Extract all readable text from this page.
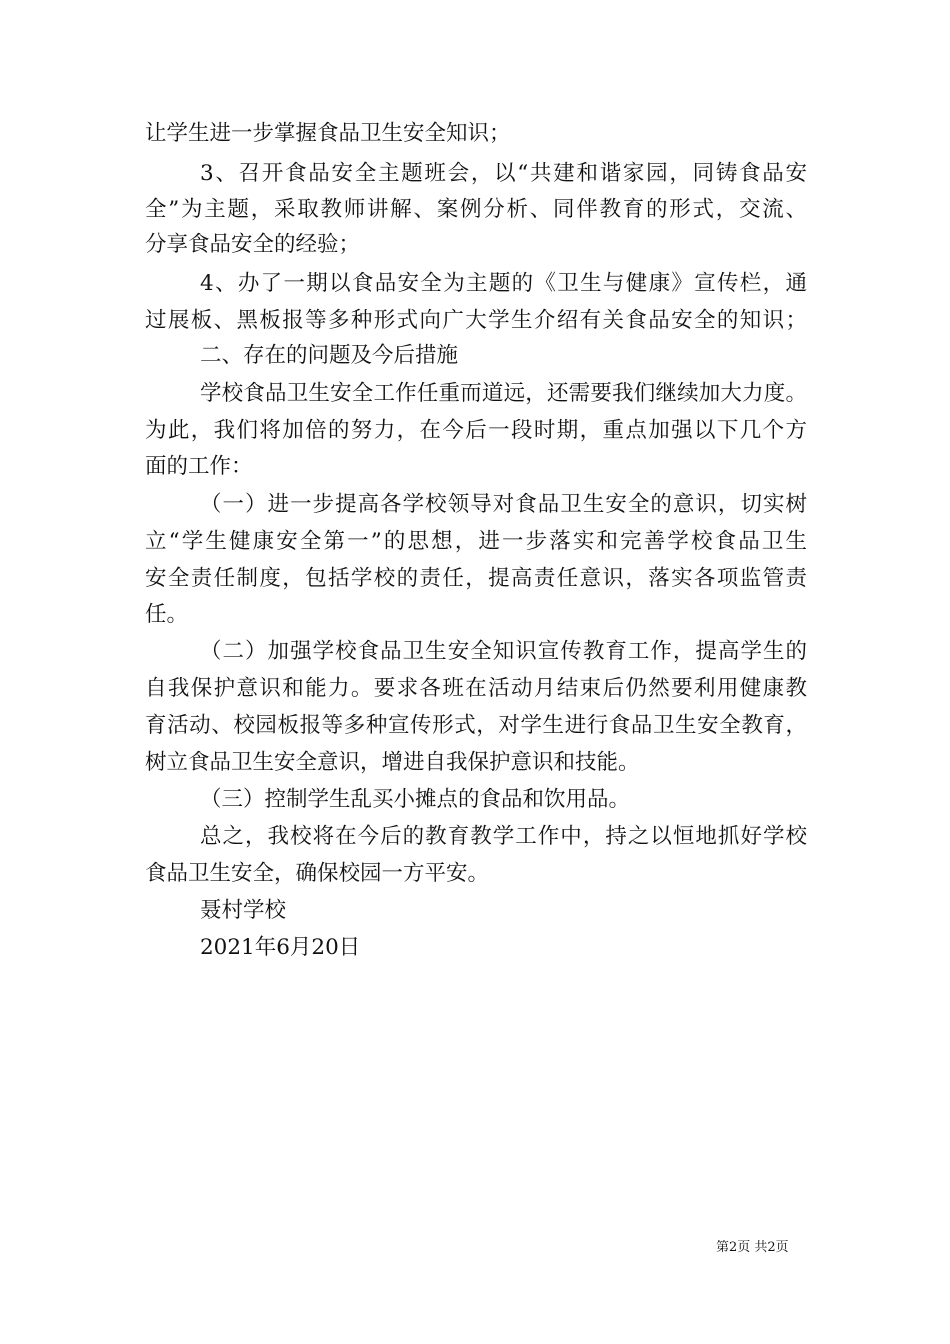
让学生进一步掌握食品卫生安全知识；
3、召开食品安全主题班会，以“共建和谐家园，同铸食品安
全”为主题，采取教师讲解、案例分析、同伴教育的形式，交流、
分享食品安全的经验；
4、办了一期以食品安全为主题的《卫生与健康》宣传栏，通
过展板、黑板报等多种形式向广大学生介绍有关食品安全的知识；
二、存在的问题及今后措施
学校食品卫生安全工作任重而道远，还需要我们继续加大力度。
为此，我们将加倍的努力，在今后一段时期，重点加强以下几个方
面的工作：
（一）进一步提高各学校领导对食品卫生安全的意识，切实树
立“学生健康安全第一”的思想，进一步落实和完善学校食品卫生
安全责任制度，包括学校的责任，提高责任意识，落实各项监管责
任。
（二）加强学校食品卫生安全知识宣传教育工作，提高学生的
自我保护意识和能力。要求各班在活动月结束后仍然要利用健康教
育活动、校园板报等多种宣传形式，对学生进行食品卫生安全教育，
树立食品卫生安全意识，增进自我保护意识和技能。
（三）控制学生乱买小摊点的食品和饮用品。
总之，我校将在今后的教育教学工作中，持之以恒地抓好学校
食品卫生安全，确保校园一方平安。
聂村学校
2021年6月20日
第2页 共2页
